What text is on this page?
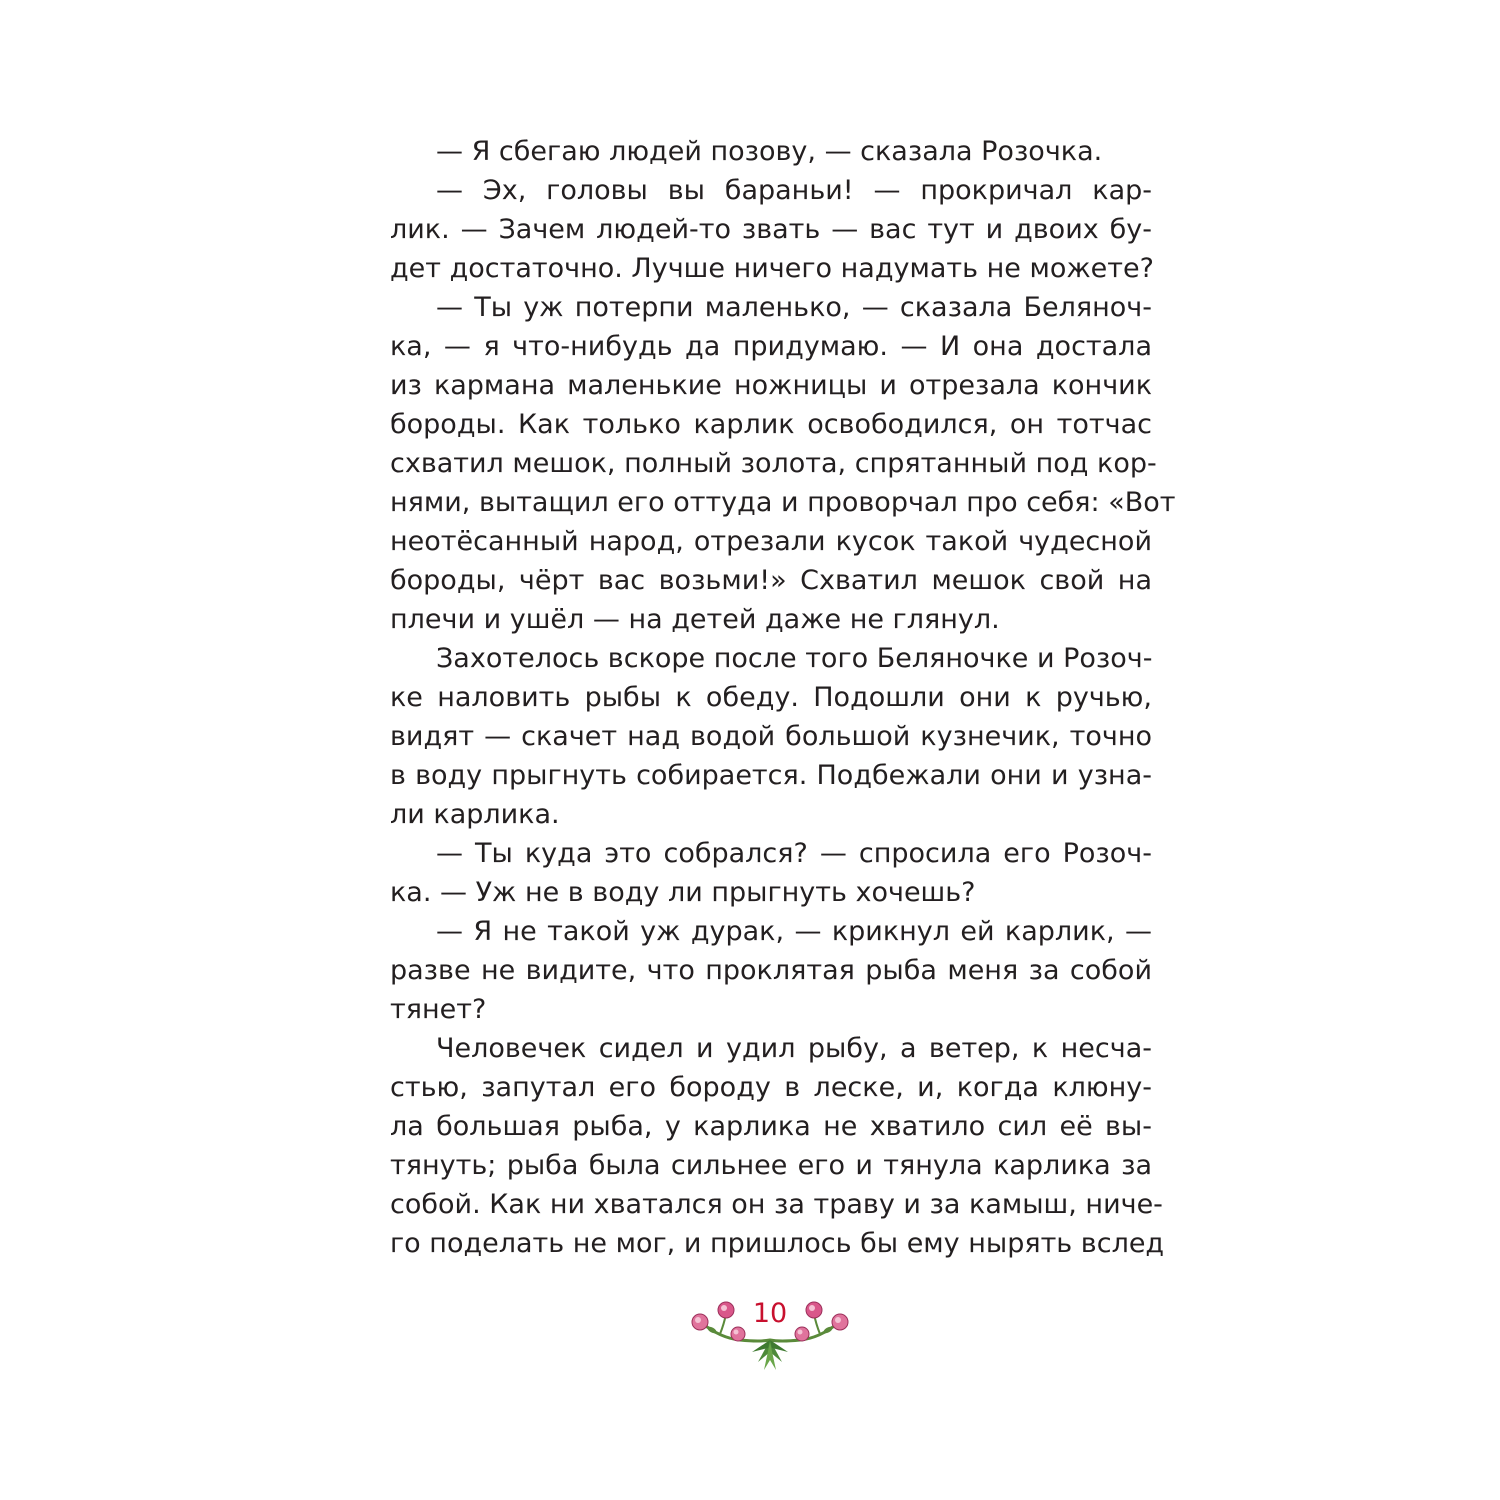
— Я сбегаю людей позову, — сказала Розочка.
— Эх, головы вы бараньи! — прокричал кар-
лик. — Зачем людей-то звать — вас тут и двоих бу-
дет достаточно. Лучше ничего надумать не можете?
— Ты уж потерпи маленько, — сказала Беляноч-
ка, — я что-нибудь да придумаю. — И она достала
из кармана маленькие ножницы и отрезала кончик
бороды. Как только карлик освободился, он тотчас
схватил мешок, полный золота, спрятанный под кор-
нями, вытащил его оттуда и проворчал про себя: «Вот
неотёсанный народ, отрезали кусок такой чудесной
бороды, чёрт вас возьми!» Схватил мешок свой на
плечи и ушёл — на детей даже не глянул.
Захотелось вскоре после того Беляночке и Розоч-
ке наловить рыбы к обеду. Подошли они к ручью,
видят — скачет над водой большой кузнечик, точно
в воду прыгнуть собирается. Подбежали они и узна-
ли карлика.
— Ты куда это собрался? — спросила его Розоч-
ка. — Уж не в воду ли прыгнуть хочешь?
— Я не такой уж дурак, — крикнул ей карлик, —
разве не видите, что проклятая рыба меня за собой
тянет?
Человечек сидел и удил рыбу, а ветер, к несча-
стью, запутал его бороду в леске, и, когда клюну-
ла большая рыба, у карлика не хватило сил её вы-
тянуть; рыба была сильнее его и тянула карлика за
собой. Как ни хватался он за траву и за камыш, ниче-
го поделать не мог, и пришлось бы ему нырять вслед
10
